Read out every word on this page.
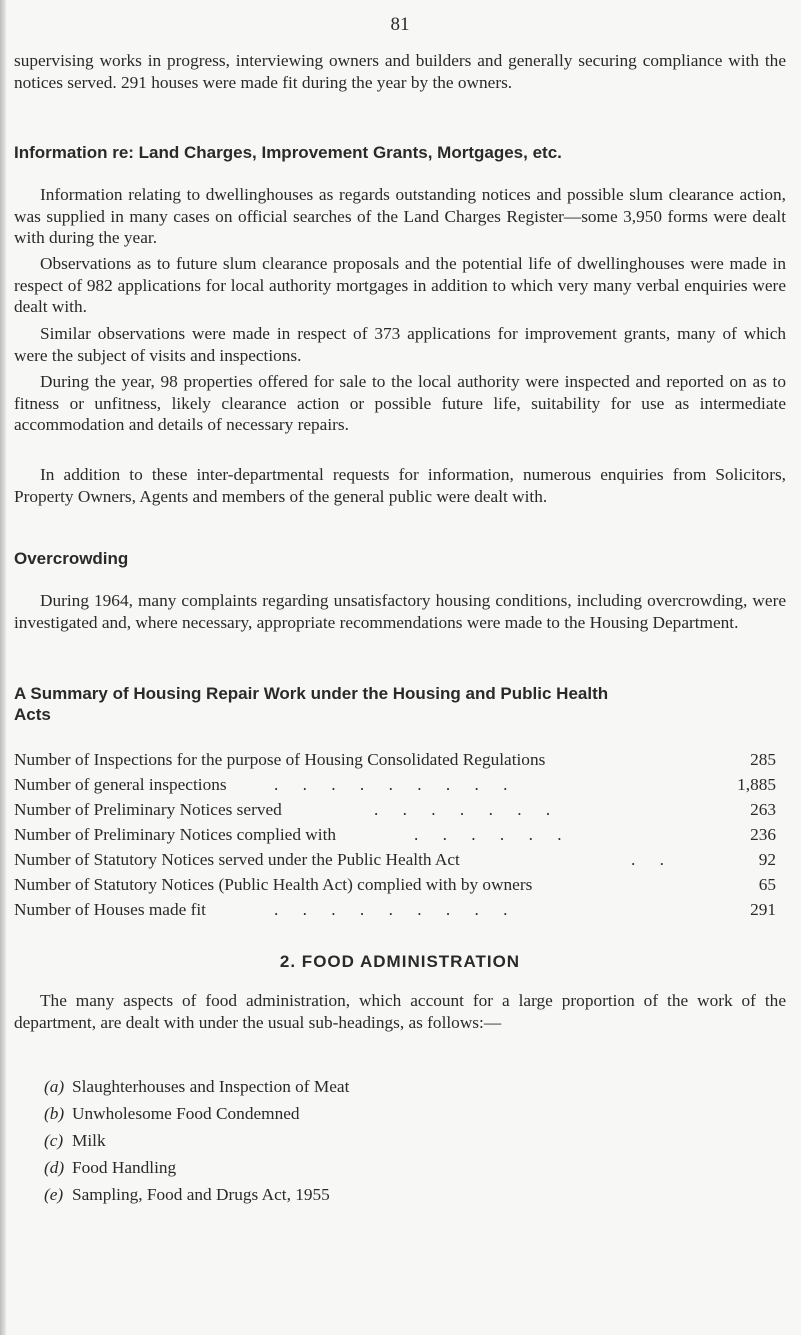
81

supervising works in progress, interviewing owners and builders and generally securing compliance with the notices served. 291 houses were made fit during the year by the owners.

Information re: Land Charges, Improvement Grants, Mortgages, etc.

Information relating to dwellinghouses as regards outstanding notices and possible slum clearance action, was supplied in many cases on official searches of the Land Charges Register—some 3,950 forms were dealt with during the year.

Observations as to future slum clearance proposals and the potential life of dwellinghouses were made in respect of 982 applications for local authority mortgages in addition to which very many verbal enquiries were dealt with.

Similar observations were made in respect of 373 applications for improvement grants, many of which were the subject of visits and inspections.

During the year, 98 properties offered for sale to the local authority were inspected and reported on as to fitness or unfitness, likely clearance action or possible future life, suitability for use as intermediate accommodation and details of necessary repairs.

In addition to these inter-departmental requests for information, numerous enquiries from Solicitors, Property Owners, Agents and members of the general public were dealt with.

Overcrowding

During 1964, many complaints regarding unsatisfactory housing conditions, including overcrowding, were investigated and, where necessary, appropriate recommendations were made to the Housing Department.

A Summary of Housing Repair Work under the Housing and Public Health
Acts
Number of Inspections for the purpose of Housing Consolidated Regulations	285
Number of general inspections	. . . . . . . . .	1,885
Number of Preliminary Notices served	. . . . . . .	263
Number of Preliminary Notices complied with	. . . . . .	236
Number of Statutory Notices served under the Public Health Act	. .	92
Number of Statutory Notices (Public Health Act) complied with by owners	65
Number of Houses made fit	. . . . . . . . .	291
2. FOOD ADMINISTRATION

The many aspects of food administration, which account for a large proportion of the work of the department, are dealt with under the usual sub-headings, as follows:—

(a) Slaughterhouses and Inspection of Meat
(b) Unwholesome Food Condemned
(c) Milk
(d) Food Handling
(e) Sampling, Food and Drugs Act, 1955
